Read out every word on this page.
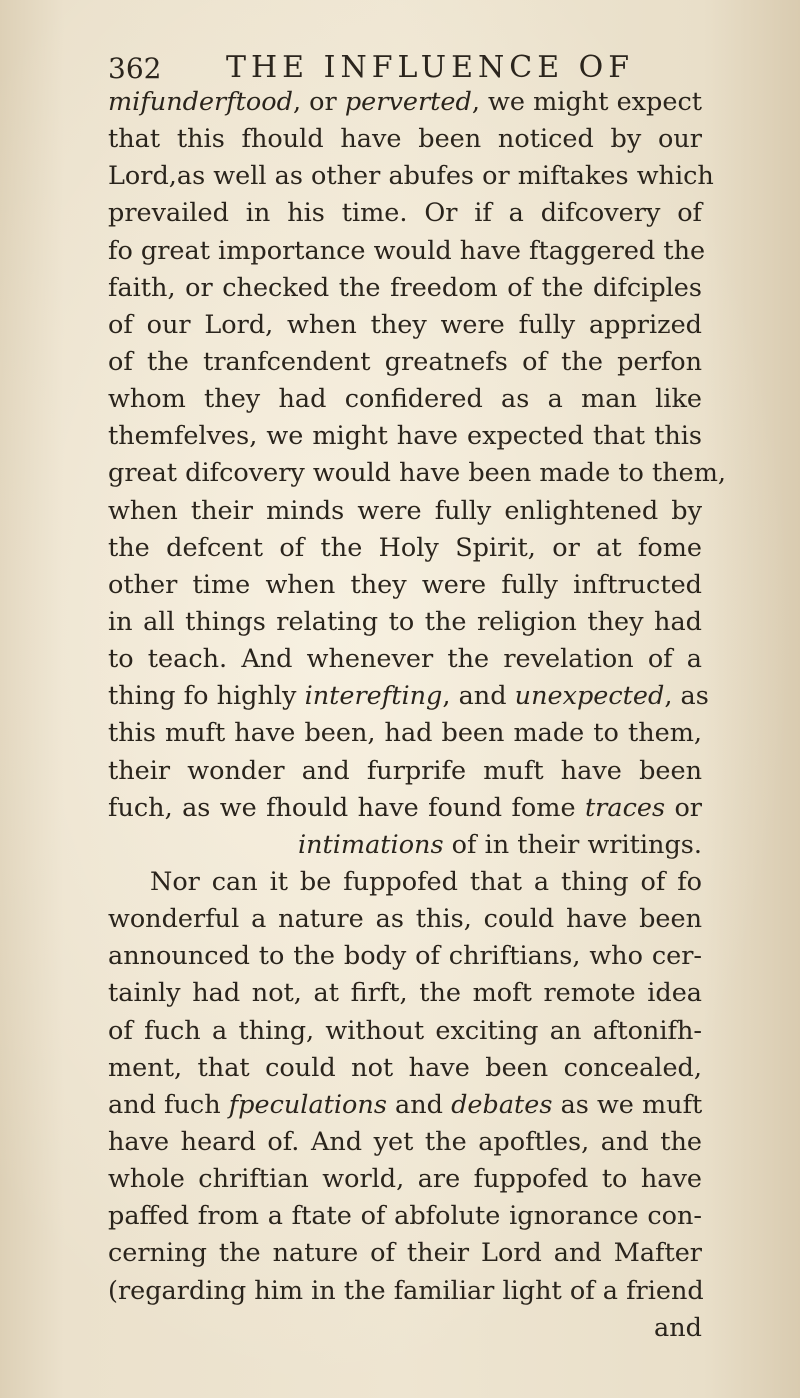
362 THE INFLUENCE OF
mifunderftood, or perverted, we might expect
that this fhould have been noticed by our
Lord,as well as other abufes or miftakes which
prevailed in his time. Or if a difcovery of
fo great importance would have ftaggered the
faith, or checked the freedom of the difciples
of our Lord, when they were fully apprized
of the tranfcendent greatnefs of the perfon
whom they had confidered as a man like
themfelves, we might have expected that this
great difcovery would have been made to them,
when their minds were fully enlightened by
the defcent of the Holy Spirit, or at fome
other time when they were fully inftructed
in all things relating to the religion they had
to teach. And whenever the revelation of a
thing fo highly interefting, and unexpected, as
this muft have been, had been made to them,
their wonder and furprife muft have been
fuch, as we fhould have found fome traces or
intimations of in their writings.
Nor can it be fuppofed that a thing of fo
wonderful a nature as this, could have been
announced to the body of chriftians, who cer-
tainly had not, at firft, the moft remote idea
of fuch a thing, without exciting an aftonifh-
ment, that could not have been concealed,
and fuch fpeculations and debates as we muft
have heard of. And yet the apoftles, and the
whole chriftian world, are fuppofed to have
paffed from a ftate of abfolute ignorance con-
cerning the nature of their Lord and Mafter
(regarding him in the familiar light of a friend
and
